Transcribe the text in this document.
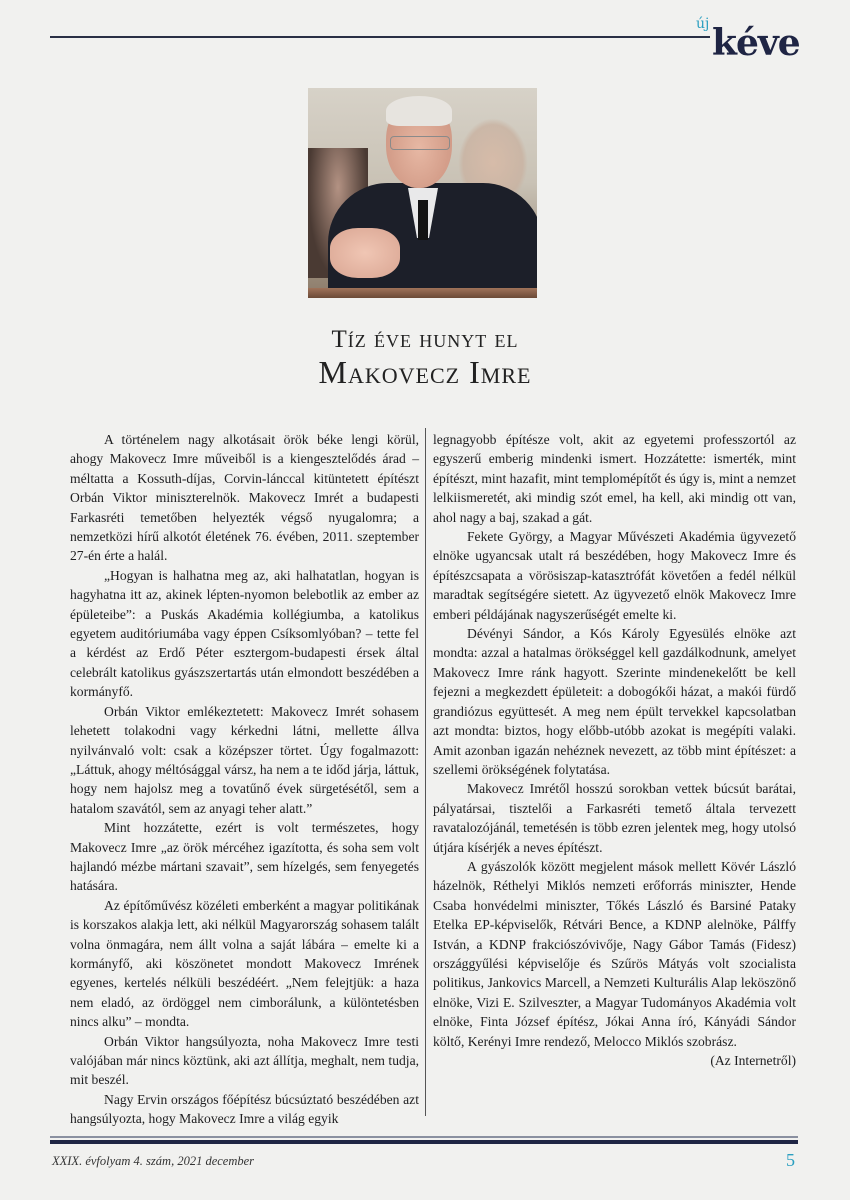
új kéve
Tíz éve hunyt el
Makovecz Imre

A történelem nagy alkotásait örök béke lengi körül, ahogy Makovecz Imre műveiből is a kiengesztelődés árad – méltatta a Kossuth-díjas, Corvin-lánccal kitüntetett építészt Orbán Viktor miniszterelnök. Makovecz Imrét a budapesti Farkasréti temetőben helyezték végső nyugalomra; a nemzetközi hírű alkotót életének 76. évében, 2011. szeptember 27-én érte a halál.

„Hogyan is halhatna meg az, aki halhatatlan, hogyan is hagyhatna itt az, akinek lépten-nyomon belebotlik az ember az épületeibe”: a Puskás Akadémia kollégiumba, a katolikus egyetem auditóriumába vagy éppen Csíksomlyóban? – tette fel a kérdést az Erdő Péter esztergom-budapesti érsek által celebrált katolikus gyászszertartás után elmondott beszédében a kormányfő.

Orbán Viktor emlékeztetett: Makovecz Imrét sohasem lehetett tolakodni vagy kérkedni látni, mellette állva nyilvánvaló volt: csak a középszer törtet. Úgy fogalmazott: „Láttuk, ahogy méltósággal vársz, ha nem a te időd járja, láttuk, hogy nem hajolsz meg a tovatűnő évek sürgetésétől, sem a hatalom szavától, sem az anyagi teher alatt.”

Mint hozzátette, ezért is volt természetes, hogy Makovecz Imre „az örök mércéhez igazította, és soha sem volt hajlandó mézbe mártani szavait”, sem hízelgés, sem fenyegetés hatására.

Az építőművész közéleti emberként a magyar politikának is korszakos alakja lett, aki nélkül Magyarország sohasem talált volna önmagára, nem állt volna a saját lábára – emelte ki a kormányfő, aki köszönetet mondott Makovecz Imrének egyenes, kertelés nélküli beszédéért. „Nem felejtjük: a haza nem eladó, az ördöggel nem cimborálunk, a különtetésben nincs alku” – mondta.

Orbán Viktor hangsúlyozta, noha Makovecz Imre testi valójában már nincs köztünk, aki azt állítja, meghalt, nem tudja, mit beszél.

Nagy Ervin országos főépítész búcsúztató beszédében azt hangsúlyozta, hogy Makovecz Imre a világ egyik

legnagyobb építésze volt, akit az egyetemi professzortól az egyszerű emberig mindenki ismert. Hozzátette: ismerték, mint építészt, mint hazafit, mint templomépítőt és úgy is, mint a nemzet lelkiismeretét, aki mindig szót emel, ha kell, aki mindig ott van, ahol nagy a baj, szakad a gát.

Fekete György, a Magyar Művészeti Akadémia ügyvezető elnöke ugyancsak utalt rá beszédében, hogy Makovecz Imre és építészcsapata a vörösiszap-katasztrófát követően a fedél nélkül maradtak segítségére sietett. Az ügyvezető elnök Makovecz Imre emberi példájának nagyszerűségét emelte ki.

Dévényi Sándor, a Kós Károly Egyesülés elnöke azt mondta: azzal a hatalmas örökséggel kell gazdálkodnunk, amelyet Makovecz Imre ránk hagyott. Szerinte mindenekelőtt be kell fejezni a megkezdett épületeit: a dobogókői házat, a makói fürdő grandiózus együttesét. A meg nem épült tervekkel kapcsolatban azt mondta: biztos, hogy előbb-utóbb azokat is megépíti valaki. Amit azonban igazán nehéznek nevezett, az több mint építészet: a szellemi örökségének folytatása.

Makovecz Imrétől hosszú sorokban vettek búcsút barátai, pályatársai, tisztelői a Farkasréti temető általa tervezett ravatalozójánál, temetésén is több ezren jelentek meg, hogy utolsó útjára kísérjék a neves építészt.

A gyászolók között megjelent mások mellett Kövér László házelnök, Réthelyi Miklós nemzeti erőforrás miniszter, Hende Csaba honvédelmi miniszter, Tőkés László és Barsiné Pataky Etelka EP-képviselők, Rétvári Bence, a KDNP alelnöke, Pálffy István, a KDNP frakciószóvivője, Nagy Gábor Tamás (Fidesz) országgyűlési képviselője és Szűrös Mátyás volt szocialista politikus, Jankovics Marcell, a Nemzeti Kulturális Alap leköszönő elnöke, Vizi E. Szilveszter, a Magyar Tudományos Akadémia volt elnöke, Finta József építész, Jókai Anna író, Kányádi Sándor költő, Kerényi Imre rendező, Melocco Miklós szobrász.

(Az Internetről)

XXIX. évfolyam 4. szám, 2021 december	5
